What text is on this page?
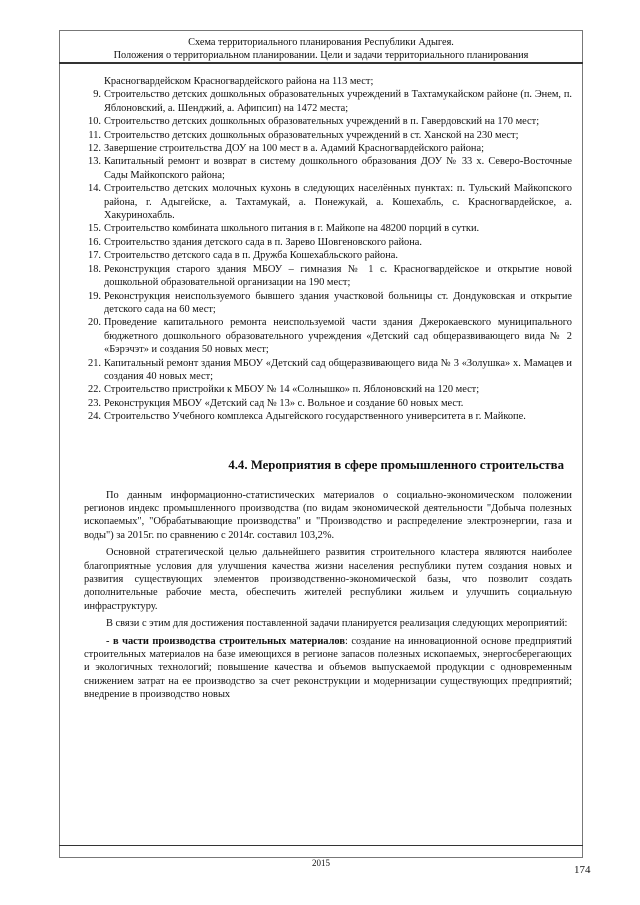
Схема территориального планирования Республики Адыгея.
Положения о территориальном планировании. Цели и задачи территориального планирования
Красногвардейском Красногвардейского района на 113 мест;
9. Строительство детских дошкольных образовательных учреждений в Тахтамукайском районе (п. Энем, п. Яблоновский, а. Шенджий, а. Афипсип) на 1472 места;
10. Строительство детских дошкольных образовательных учреждений в п. Гавердовский на 170 мест;
11. Строительство детских дошкольных образовательных учреждений в ст. Ханской на 230 мест;
12. Завершение строительства ДОУ на 100 мест в а. Адамий Красногвардейского района;
13. Капитальный ремонт и возврат в систему дошкольного образования ДОУ № 33 х. Северо-Восточные Сады Майкопского района;
14. Строительство детских молочных кухонь в следующих населённых пунктах: п. Тульский Майкопского района, г. Адыгейске, а. Тахтамукай, а. Понежукай, а. Кошехабль, с. Красногвардейское, а. Хакуринохабль.
15. Строительство комбината школьного питания в г. Майкопе на 48200 порций в сутки.
16. Строительство здания детского сада в п. Зарево Шовгеновского района.
17. Строительство детского сада в п. Дружба Кошехабльского района.
18. Реконструкция старого здания МБОУ – гимназия № 1 с. Красногвардейское и открытие новой дошкольной образовательной организации на 190 мест;
19. Реконструкция неиспользуемого бывшего здания участковой больницы ст. Дондуковская и открытие детского сада на 60 мест;
20. Проведение капитального ремонта неиспользуемой части здания Джерокаевского муниципального бюджетного дошкольного образовательного учреждения «Детский сад общеразвивающего вида № 2 «Бэрэчэт» и создания 50 новых мест;
21. Капитальный ремонт здания МБОУ «Детский сад общеразвивающего вида № 3 «Золушка» х. Мамацев и создания 40 новых мест;
22. Строительство пристройки к МБОУ № 14 «Солнышко» п. Яблоновский на 120 мест;
23. Реконструкция МБОУ «Детский сад № 13» с. Вольное и создание 60 новых мест.
24. Строительство Учебного комплекса Адыгейского государственного университета в г. Майкопе.
4.4. Мероприятия в сфере промышленного строительства

По данным информационно-статистических материалов о социально-экономическом положении регионов индекс промышленного производства (по видам экономической деятельности "Добыча полезных ископаемых", "Обрабатывающие производства" и "Производство и распределение электроэнергии, газа и воды") за 2015г. по сравнению с 2014г. составил 103,2%.

Основной стратегической целью дальнейшего развития строительного кластера являются наиболее благоприятные условия для улучшения качества жизни населения республики путем создания новых и развития существующих элементов производственно-экономической базы, что позволит создать дополнительные рабочие места, обеспечить жителей республики жильем и улучшить социальную инфраструктуру.

В связи с этим для достижения поставленной задачи планируется реализация следующих мероприятий:

- в части производства строительных материалов: создание на инновационной основе предприятий строительных материалов на базе имеющихся в регионе запасов полезных ископаемых, энергосберегающих и экологичных технологий; повышение качества и объемов выпускаемой продукции с одновременным снижением затрат на ее производство за счет реконструкции и модернизации существующих предприятий; внедрение в производство новых

2015
174
